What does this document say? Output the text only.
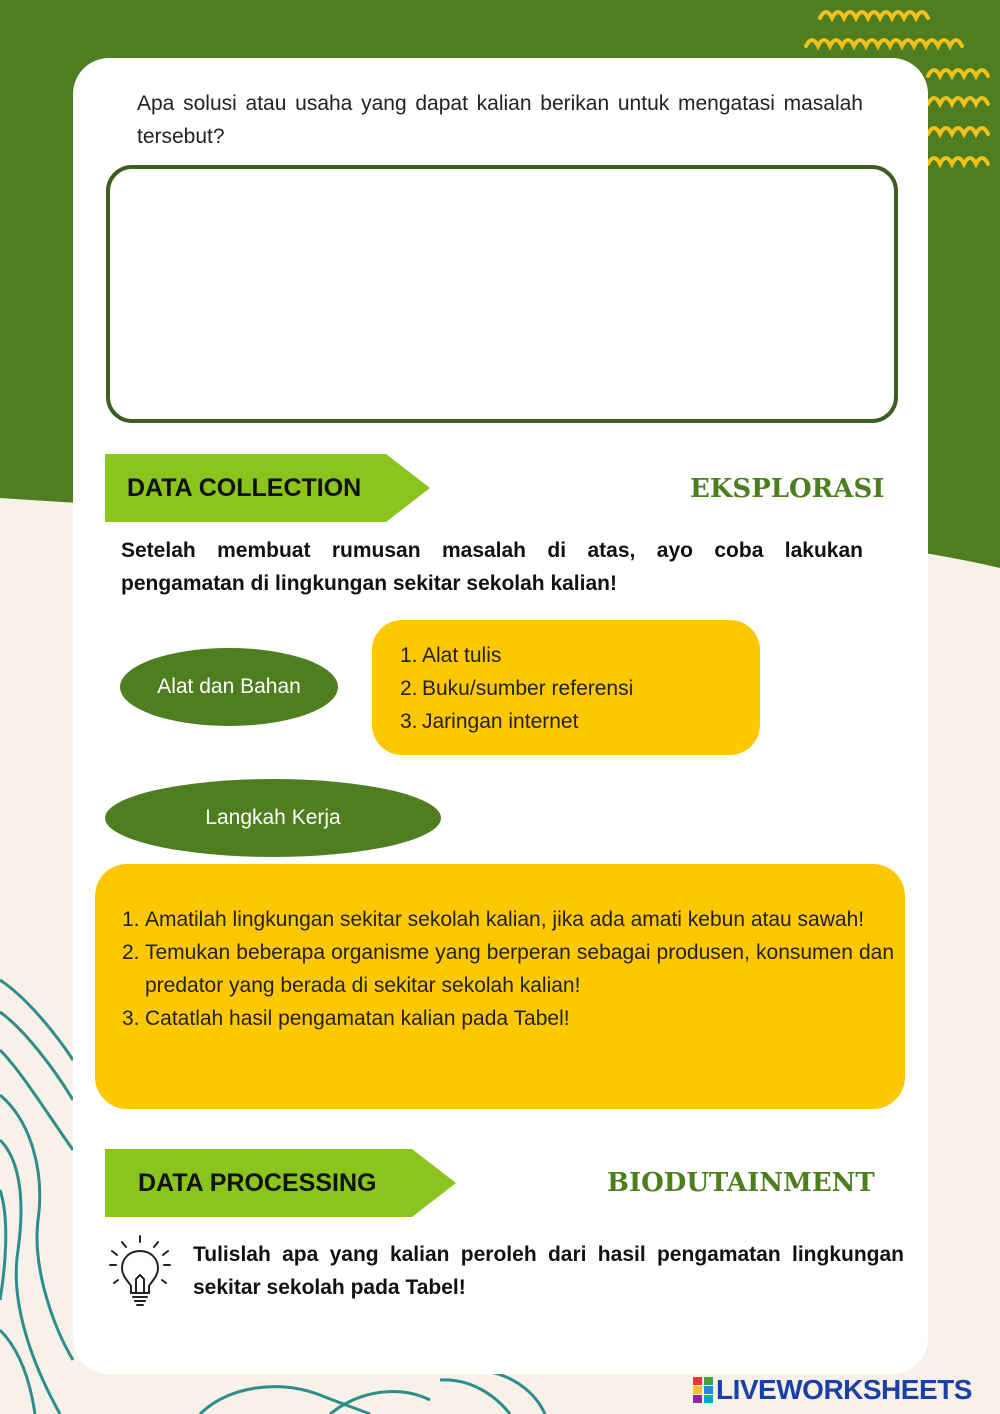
Apa solusi atau usaha yang dapat kalian berikan untuk mengatasi masalah tersebut?

DATA COLLECTION	EKSPLORASI

Setelah membuat rumusan masalah di atas, ayo coba lakukan pengamatan di lingkungan sekitar sekolah kalian!

Alat dan Bahan
1. Alat tulis
2. Buku/sumber referensi
3. Jaringan internet
Langkah Kerja
1. Amatilah lingkungan sekitar sekolah kalian, jika ada amati kebun atau sawah!
2. Temukan beberapa organisme yang berperan sebagai produsen, konsumen dan predator yang berada di sekitar sekolah kalian!
3. Catatlah hasil pengamatan kalian pada Tabel!
DATA PROCESSING	BIODUTAINMENT

Tulislah apa yang kalian peroleh dari hasil pengamatan lingkungan sekitar sekolah pada Tabel!

LIVEWORKSHEETS
